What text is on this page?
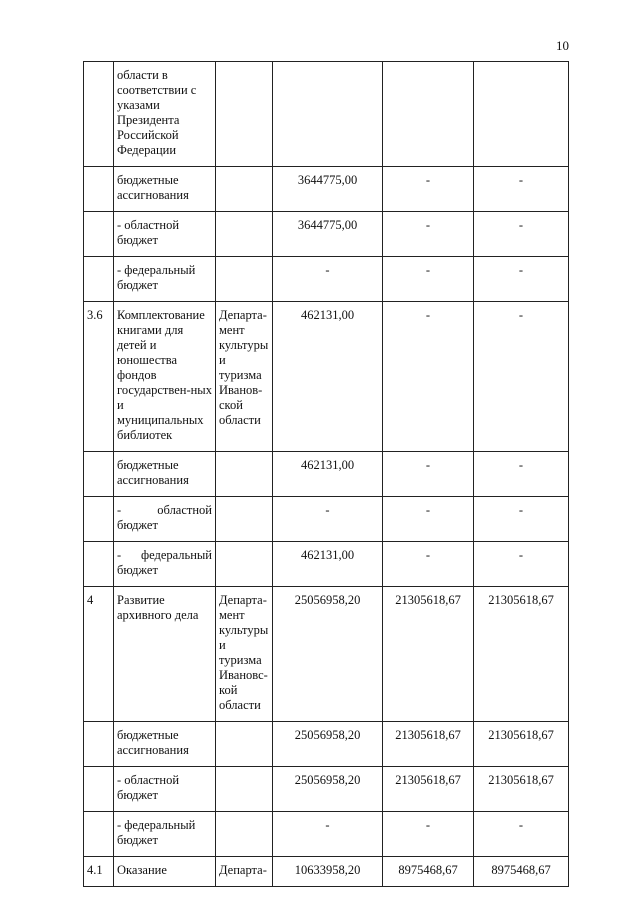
10
	области в соответствии с указами Президента Российской Федерации				
	бюджетные ассигнования		3644775,00	-	-
	- областной бюджет		3644775,00	-	-
	- федеральный бюджет		-	-	-
3.6	Комплектование книгами для детей и юношества фондов государствен-ных и муниципальных библиотек	Департа-мент культуры и туризма Иванов-ской области	462131,00	-	-
	бюджетные ассигнования		462131,00	-	-
	- областной бюджет		-	-	-
	- федеральный бюджет		462131,00	-	-
4	Развитие архивного дела	Департа-мент культуры и туризма Ивановс-кой области	25056958,20	21305618,67	21305618,67
	бюджетные ассигнования		25056958,20	21305618,67	21305618,67
	- областной бюджет		25056958,20	21305618,67	21305618,67
	- федеральный бюджет		-	-	-
4.1	Оказание	Департа-	10633958,20	8975468,67	8975468,67
